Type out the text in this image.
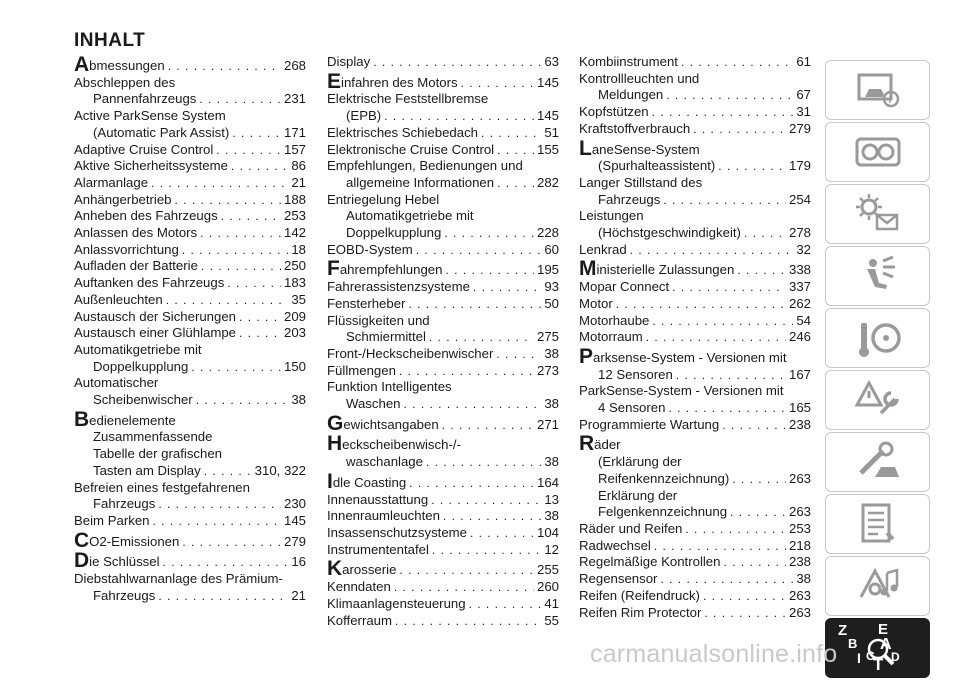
INHALT
Abmessungen . . .	268
Abschleppen des
Pannenfahrzeugs . . .	231
Active ParkSense System
(Automatic Park Assist) . . .	171
Adaptive Cruise Control . . .	157
Aktive Sicherheitssysteme . . .	86
Alarmanlage . . .	21
Anhängerbetrieb . . .	188
Anheben des Fahrzeugs . . .	253
Anlassen des Motors . . .	142
Anlassvorrichtung . . .	18
Aufladen der Batterie . . .	250
Auftanken des Fahrzeugs . . .	183
Außenleuchten . . .	35
Austausch der Sicherungen . . .	209
Austausch einer Glühlampe . . .	203
Automatikgetriebe mit
Doppelkupplung . . .	150
Automatischer
Scheibenwischer . . .	38
Bedienelemente
Zusammenfassende
Tabelle der grafischen
Tasten am Display . . .	310, 322
Befreien eines festgefahrenen
Fahrzeugs . . .	230
Beim Parken . . .	145
CO2-Emissionen . . .	279
Die Schlüssel . . .	16
Diebstahlwarnanlage des Prämium-
Fahrzeugs . . .	21
Display . . .	63
Einfahren des Motors . . .	145
Elektrische Feststellbremse
(EPB) . . .	145
Elektrisches Schiebedach . . .	51
Elektronische Cruise Control . . .	155
Empfehlungen, Bedienungen und
allgemeine Informationen . . .	282
Entriegelung Hebel
Automatikgetriebe mit
Doppelkupplung . . .	228
EOBD-System . . .	60
Fahrempfehlungen . . .	195
Fahrerassistenzsysteme . . .	93
Fensterheber . . .	50
Flüssigkeiten und
Schmiermittel . . .	275
Front-/Heckscheibenwischer . . .	38
Füllmengen . . .	273
Funktion Intelligentes
Waschen . . .	38
Gewichtsangaben . . .	271
Heckscheibenwisch-/-
waschanlage . . .	38
Idle Coasting . . .	164
Innenausstattung . . .	13
Innenraumleuchten . . .	38
Insassenschutzsysteme . . .	104
Instrumententafel . . .	12
Karosserie . . .	255
Kenndaten . . .	260
Klimaanlagensteuerung . . .	41
Kofferraum . . .	55
Kombiinstrument . . .	61
Kontrollleuchten und
Meldungen . . .	67
Kopfstützen . . .	31
Kraftstoffverbrauch . . .	279
LaneSense-System
(Spurhalteassistent) . . .	179
Langer Stillstand des
Fahrzeugs . . .	254
Leistungen
(Höchstgeschwindigkeit) . . .	278
Lenkrad . . .	32
Ministerielle Zulassungen . . .	338
Mopar Connect . . .	337
Motor . . .	262
Motorhaube . . .	54
Motorraum . . .	246
Parksense-System - Versionen mit
12 Sensoren . . .	167
ParkSense-System - Versionen mit
4 Sensoren . . .	165
Programmierte Wartung . . .	238
Räder
(Erklärung der
Reifenkennzeichnung) . . .	263
Erklärung der
Felgenkennzeichnung . . .	263
Räder und Reifen . . .	253
Radwechsel . . .	218
Regelmäßige Kontrollen . . .	238
Regensensor . . .	38
Reifen (Reifendruck) . . .	263
Reifen Rim Protector . . .	263
i
Z E
B A
C
T D
I
carmanualsonline.info
